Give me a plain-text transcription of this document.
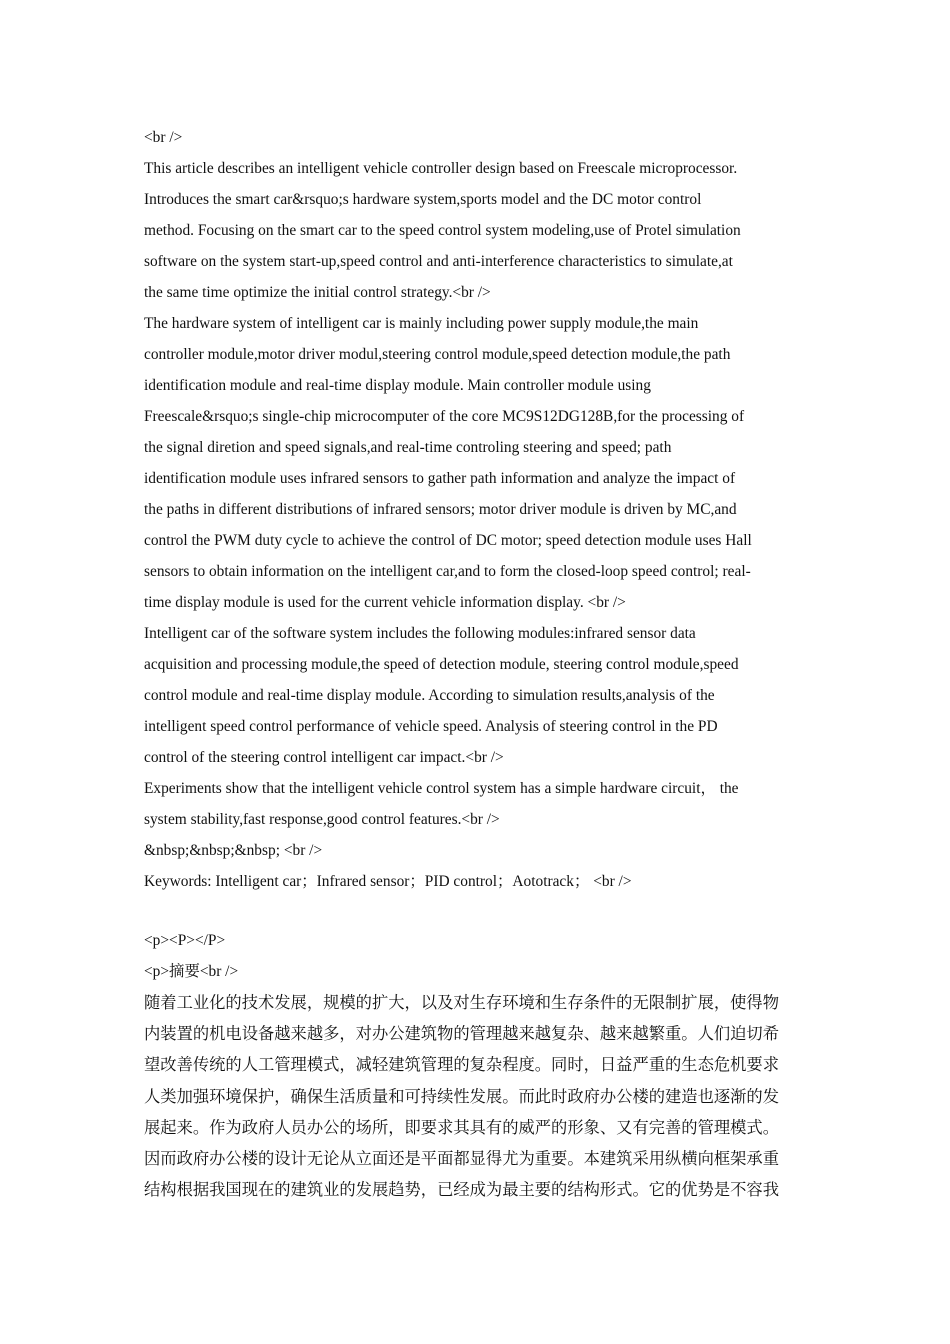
<br />
This article describes an intelligent vehicle controller design based on Freescale microprocessor.
Introduces the smart car&rsquo;s hardware system,sports model and the DC motor control
method. Focusing on the smart car to the speed control system modeling,use of Protel simulation
software on the system start-up,speed control and anti-interference characteristics to simulate,at
the same time optimize the initial control strategy.<br />
The hardware system of intelligent car is mainly including power supply module,the main
controller module,motor driver modul,steering control module,speed detection module,the path
identification module and real-time display module. Main controller module using
Freescale&rsquo;s single-chip microcomputer of the core MC9S12DG128B,for the processing of
the signal diretion and speed signals,and real-time controling steering and speed; path
identification module uses infrared sensors to gather path information and analyze the impact of
the paths in different distributions of infrared sensors; motor driver module is driven by MC,and
control the PWM duty cycle to achieve the control of DC motor; speed detection module uses Hall
sensors to obtain information on the intelligent car,and to form the closed-loop speed control; real-
time display module is used for the current vehicle information display. <br />
Intelligent car of the software system includes the following modules:infrared sensor data
acquisition and processing module,the speed of detection module, steering control module,speed
control module and real-time display module. According to simulation results,analysis of the
intelligent speed control performance of vehicle speed. Analysis of steering control in the PD
control of the steering control intelligent car impact.<br />
Experiments show that the intelligent vehicle control system has a simple hardware circuit， the
system stability,fast response,good control features.<br />
&nbsp;&nbsp;&nbsp; <br />
Keywords: Intelligent car；Infrared sensor；PID control；Aototrack； <br />

<p><P></P>
<p>摘要<br />

随着工业化的技术发展，规模的扩大，以及对生存环境和生存条件的无限制扩展，使得物
内装置的机电设备越来越多，对办公建筑物的管理越来越复杂、越来越繁重。人们迫切希
望改善传统的人工管理模式，减轻建筑管理的复杂程度。同时，日益严重的生态危机要求
人类加强环境保护，确保生活质量和可持续性发展。而此时政府办公楼的建造也逐渐的发
展起来。作为政府人员办公的场所，即要求其具有的威严的形象、又有完善的管理模式。
因而政府办公楼的设计无论从立面还是平面都显得尤为重要。本建筑采用纵横向框架承重
结构根据我国现在的建筑业的发展趋势，已经成为最主要的结构形式。它的优势是不容我
